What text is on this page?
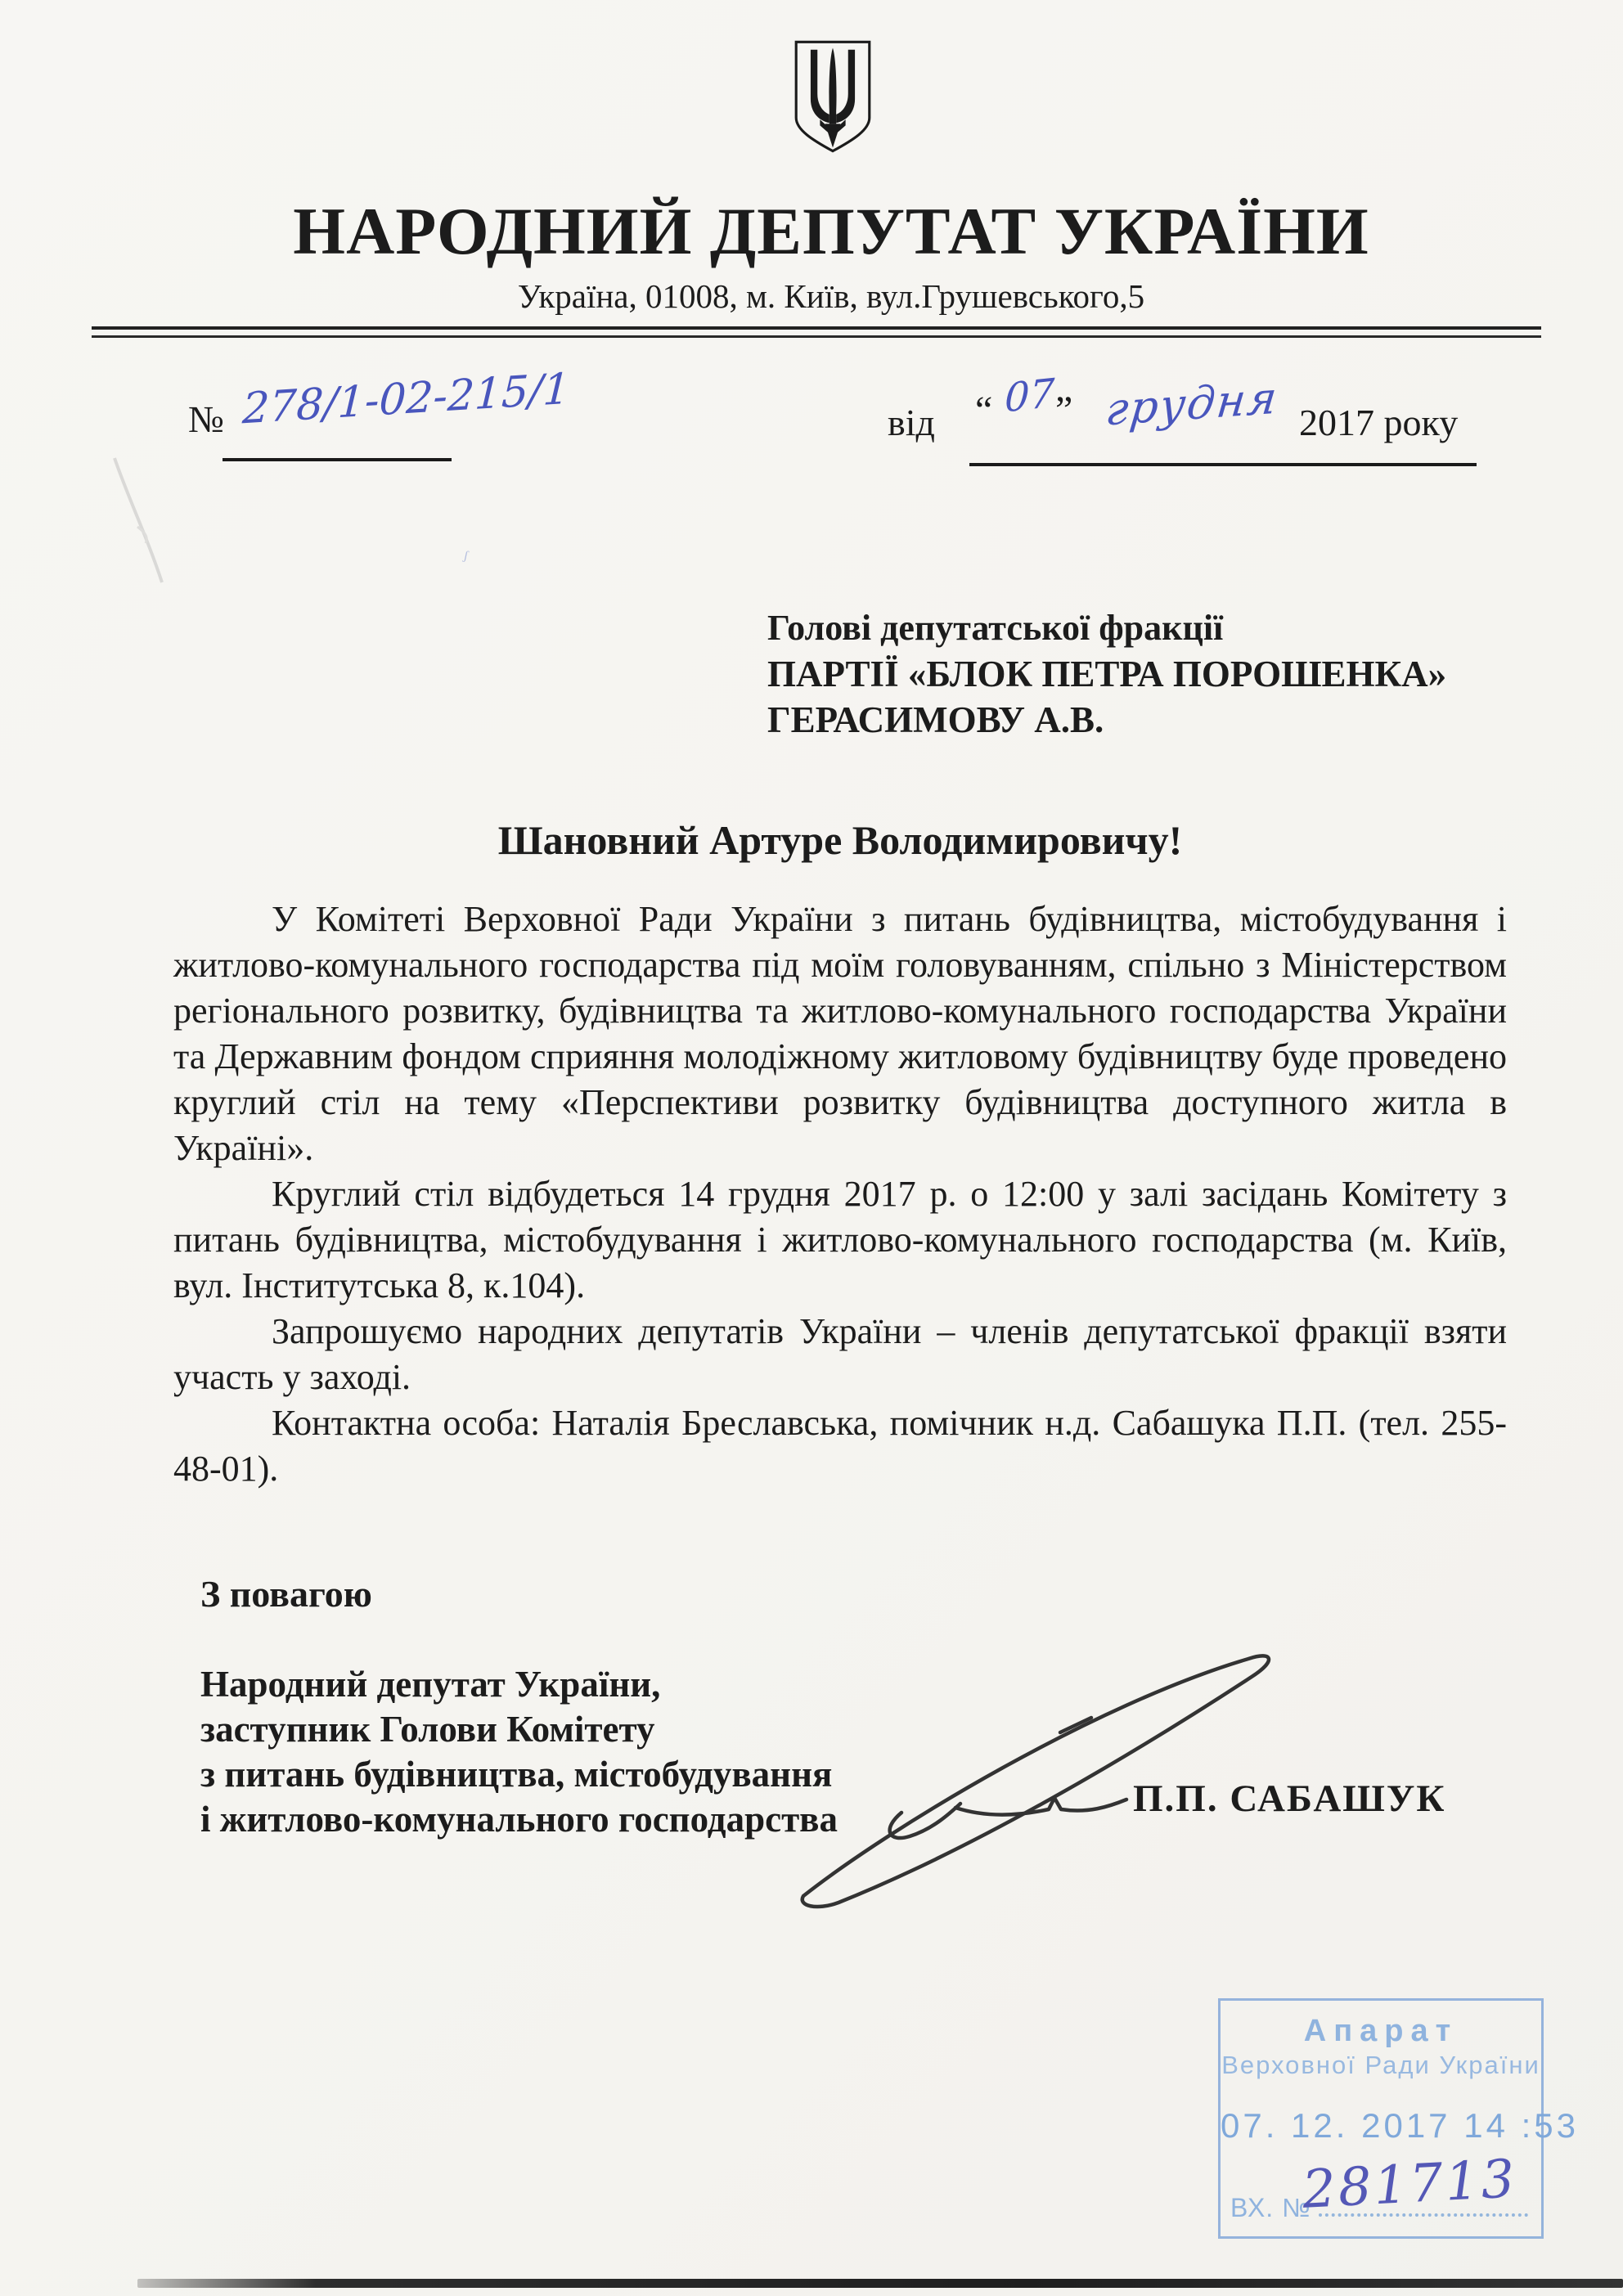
НАРОДНИЙ ДЕПУТАТ УКРАЇНИ
Україна, 01008, м. Київ, вул.Грушевського,5
№ 278/1-02-215/1	від “ 07 ” грудня 2017 року
ᶴ
Голові депутатської фракції
ПАРТІЇ «БЛОК ПЕТРА ПОРОШЕНКА»
ГЕРАСИМОВУ А.В.
Шановний Артуре Володимировичу!

У Комітеті Верховної Ради України з питань будівництва, містобудування і житлово-комунального господарства під моїм головуванням, спільно з Міністерством регіонального розвитку, будівництва та житлово-комунального господарства України та Державним фондом сприяння молодіжному житловому будівництву буде проведено круглий стіл на тему «Перспективи розвитку будівництва доступного житла в Україні».

Круглий стіл відбудеться 14 грудня 2017 р. о 12:00 у залі засідань Комітету з питань будівництва, містобудування і житлово-комунального господарства (м. Київ, вул. Інститутська 8, к.104).

Запрошуємо народних депутатів України – членів депутатської фракції взяти участь у заході.

Контактна особа: Наталія Бреславська, помічник н.д. Сабашука П.П. (тел. 255-48-01).

З повагою
Народний депутат України,
заступник Голови Комітету
з питань будівництва, містобудування
і житлово-комунального господарства	П.П. САБАШУК
Апарат
Верховної Ради України
07. 12. 2017 14 :53
ВХ. №
281713
